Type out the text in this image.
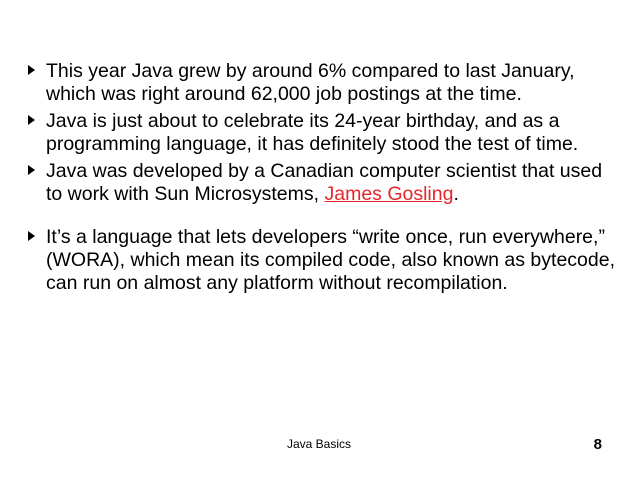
This year Java grew by around 6% compared to last January, which was right around 62,000 job postings at the time.
Java is just about to celebrate its 24-year birthday, and as a programming language, it has definitely stood the test of time.
Java was developed by a Canadian computer scientist that used to work with Sun Microsystems, James Gosling.
It’s a language that lets developers “write once, run everywhere,” (WORA), which mean its compiled code, also known as bytecode, can run on almost any platform without recompilation.
Java Basics	8
